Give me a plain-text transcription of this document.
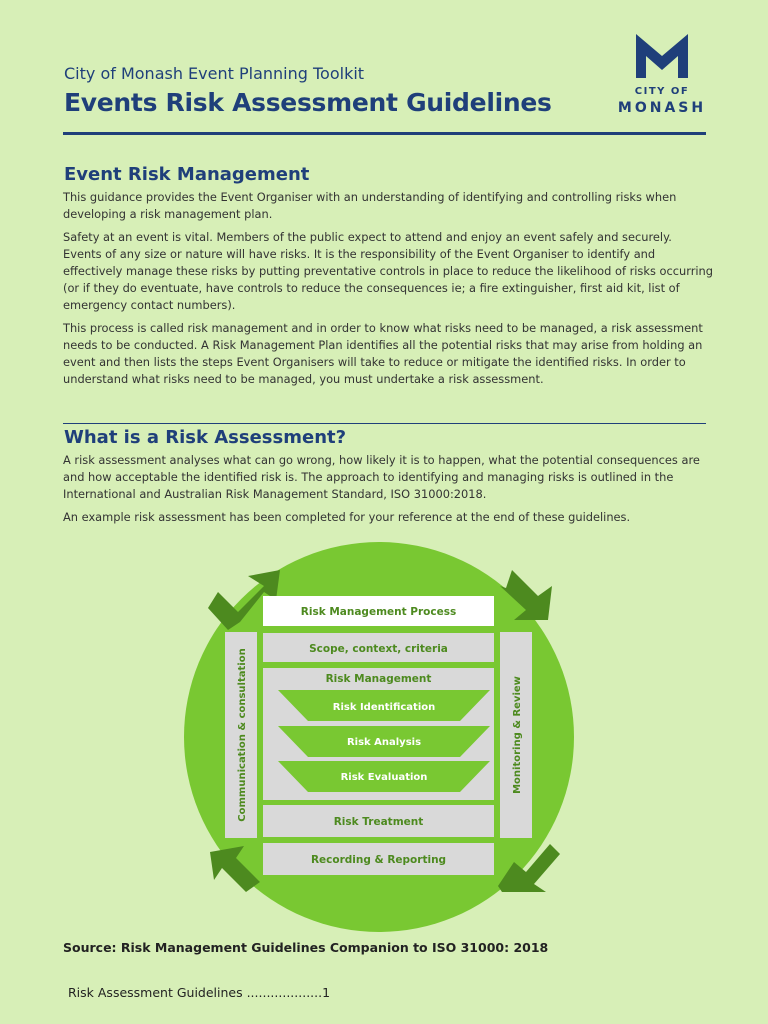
City of Monash Event Planning Toolkit
Events Risk Assessment Guidelines	CITY OF
MONASH
Event Risk Management

This guidance provides the Event Organiser with an understanding of identifying and controlling risks when developing a risk management plan.

Safety at an event is vital. Members of the public expect to attend and enjoy an event safely and securely. Events of any size or nature will have risks. It is the responsibility of the Event Organiser to identify and effectively manage these risks by putting preventative controls in place to reduce the likelihood of risks occurring (or if they do eventuate, have controls to reduce the consequences ie; a fire extinguisher, first aid kit, list of emergency contact numbers).

This process is called risk management and in order to know what risks need to be managed, a risk assessment needs to be conducted. A Risk Management Plan identifies all the potential risks that may arise from holding an event and then lists the steps Event Organisers will take to reduce or mitigate the identified risks. In order to understand what risks need to be managed, you must undertake a risk assessment.

What is a Risk Assessment?

A risk assessment analyses what can go wrong, how likely it is to happen, what the potential consequences are and how acceptable the identified risk is. The approach to identifying and managing risks is outlined in the International and Australian Risk Management Standard, ISO 31000:2018.

An example risk assessment has been completed for your reference at the end of these guidelines.

Risk Management Process
Communication & consultation	Monitoring & Review
Scope, context, criteria
Risk Management
Risk Identification
Risk Analysis
Risk Evaluation
Risk Treatment
Recording & Reporting
Source: Risk Management Guidelines Companion to ISO 31000: 2018
Risk Assessment Guidelines ...................1
